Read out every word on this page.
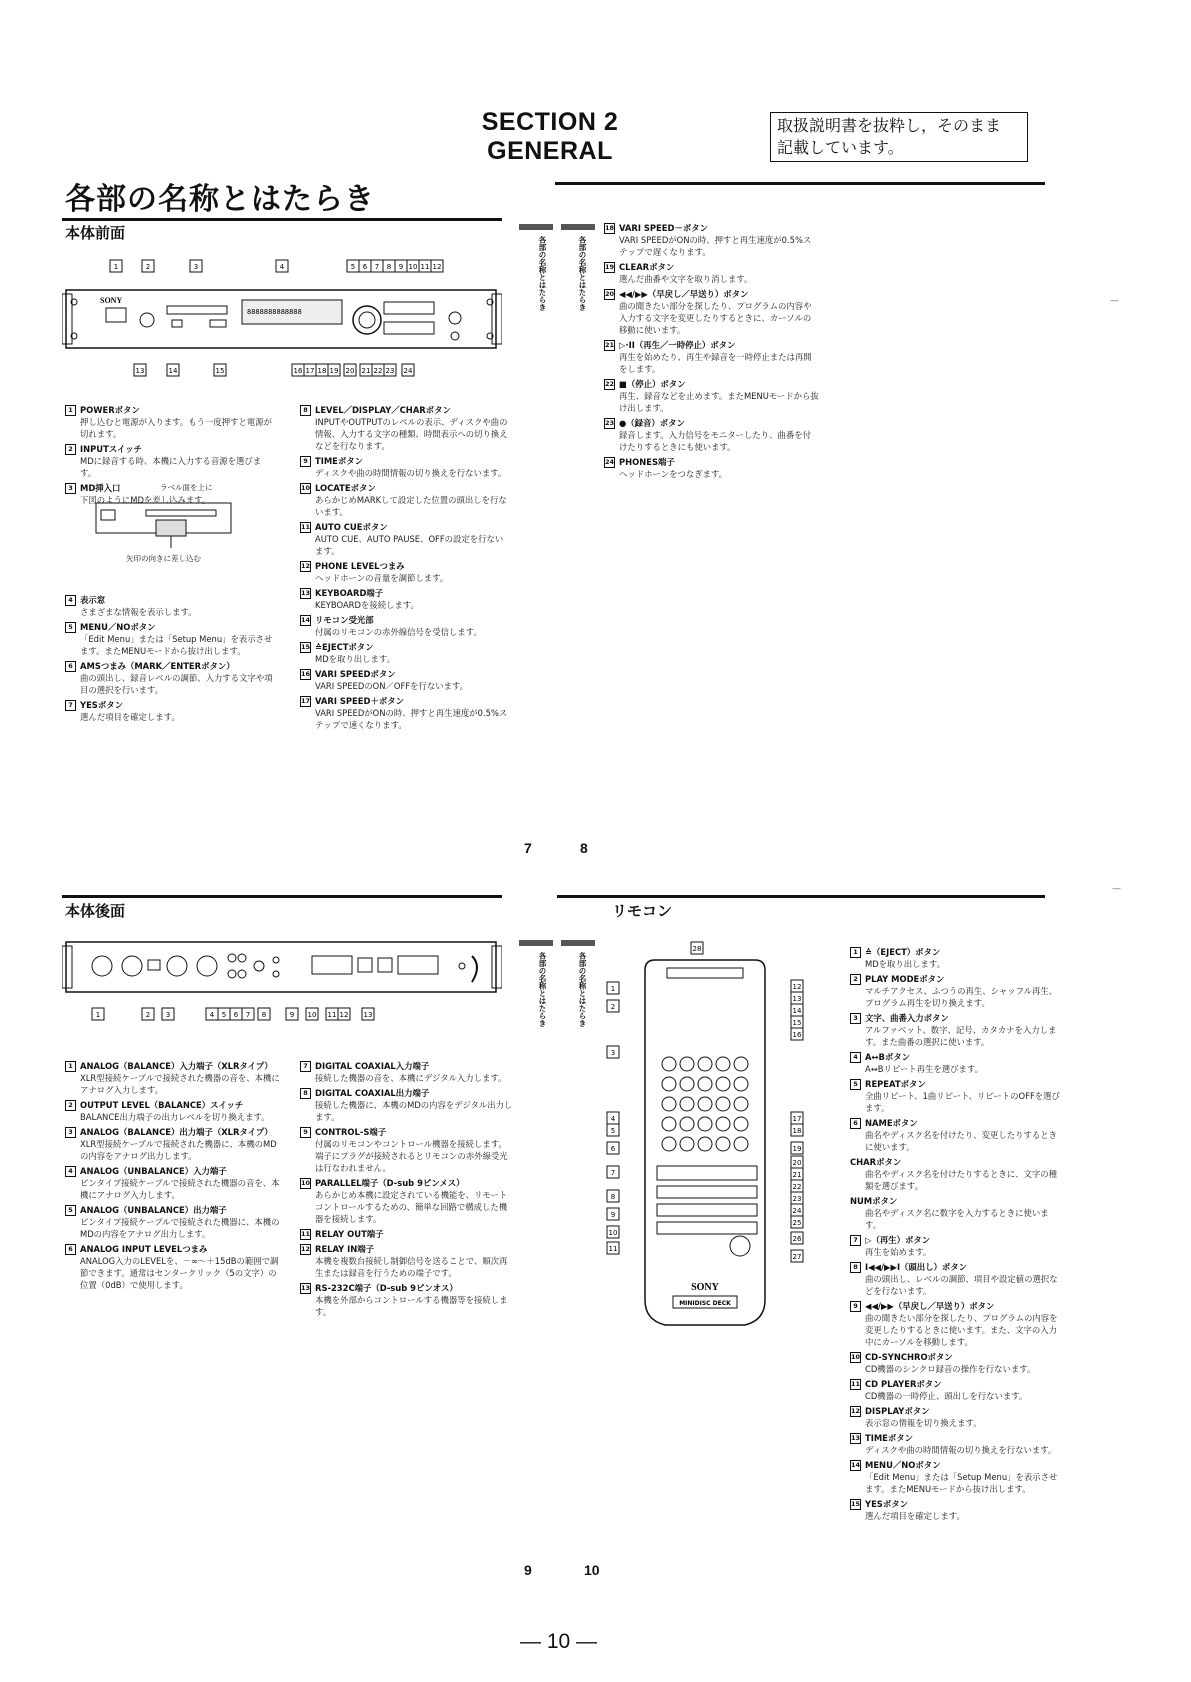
SECTION 2
GENERAL
取扱説明書を抜粋し，そのまま
記載しています。
各部の名称とはたらき
本体前面
1	2	3	4	5 6 7 8 9 10 11 12
SONY
8888888888888
13	14	15	16 17 18 19 20 21 22 23 24
ラベル面を上に
矢印の向きに差し込む
1 POWERボタン
押し込むと電源が入ります。もう一度押すと電源が切れます。
2 INPUTスイッチ
MDに録音する時、本機に入力する音源を選びます。
3 MD挿入口
下図のようにMDを差し込みます。
4 表示窓
さまざまな情報を表示します。
5 MENU／NOボタン
「Edit Menu」または「Setup Menu」を表示させます。またMENUモードから抜け出します。
6 AMSつまみ（MARK／ENTERボタン）
曲の頭出し、録音レベルの調節、入力する文字や項目の選択を行います。
7 YESボタン
選んだ項目を確定します。
8 LEVEL／DISPLAY／CHARボタン
INPUTやOUTPUTのレベルの表示、ディスクや曲の情報、入力する文字の種類、時間表示への切り換えなどを行なります。
9 TIMEボタン
ディスクや曲の時間情報の切り換えを行ないます。
10 LOCATEボタン
あらかじめMARKして設定した位置の頭出しを行ないます。
11 AUTO CUEボタン
AUTO CUE、AUTO PAUSE、OFFの設定を行ないます。
12 PHONE LEVELつまみ
ヘッドホーンの音量を調節します。
13 KEYBOARD端子
KEYBOARDを接続します。
14 リモコン受光部
付属のリモコンの赤外線信号を受信します。
15 ≙EJECTボタン
MDを取り出します。
16 VARI SPEEDボタン
VARI SPEEDのON／OFFを行ないます。
17 VARI SPEED＋ボタン
VARI SPEEDがONの時、押すと再生速度が0.5%ステップで速くなります。
各部の名称とはたらき	各部の名称とはたらき
18 VARI SPEED－ボタン
VARI SPEEDがONの時、押すと再生速度が0.5%ステップで遅くなります。
19 CLEARボタン
選んだ曲番や文字を取り消します。
20 ◀◀/▶▶（早戻し／早送り）ボタン
曲の聞きたい部分を探したり、プログラムの内容や入力する文字を変更したりするときに、カーソルの移動に使います。
21 ▷·II（再生／一時停止）ボタン
再生を始めたり、再生や録音を一時停止または再開をします。
22 ■（停止）ボタン
再生、録音などを止めます。またMENUモードから抜け出します。
23 ●（録音）ボタン
録音します。入力信号をモニターしたり、曲番を付けたりするときにも使います。
24 PHONES端子
ヘッドホーンをつなぎます。
7	8
本体後面
1	2 3	4 5 6 7 8	9 10 11 12 13
1 ANALOG（BALANCE）入力端子（XLRタイプ）
XLR型接続ケーブルで接続された機器の音を、本機にアナログ入力します。
2 OUTPUT LEVEL（BALANCE）スイッチ
BALANCE出力端子の出力レベルを切り換えます。
3 ANALOG（BALANCE）出力端子（XLRタイプ）
XLR型接続ケーブルで接続された機器に、本機のMDの内容をアナログ出力します。
4 ANALOG（UNBALANCE）入力端子
ピンタイプ接続ケーブルで接続された機器の音を、本機にアナログ入力します。
5 ANALOG（UNBALANCE）出力端子
ピンタイプ接続ケーブルで接続された機器に、本機のMDの内容をアナログ出力します。
6 ANALOG INPUT LEVELつまみ
ANALOG入力のLEVELを、－∞～＋15dBの範囲で調節できます。通常はセンタークリック（5の文字）の位置（0dB）で使用します。
7 DIGITAL COAXIAL入力端子
接続した機器の音を、本機にデジタル入力します。
8 DIGITAL COAXIAL出力端子
接続した機器に、本機のMDの内容をデジタル出力します。
9 CONTROL-S端子
付属のリモコンやコントロール機器を接続します。端子にプラグが接続されるとリモコンの赤外線受光は行なわれません。
10 PARALLEL端子（D-sub 9ピンメス）
あらかじめ本機に設定されている機能を、リモートコントロールするための、簡単な回路で構成した機器を接続します。
11 RELAY OUT端子
12 RELAY IN端子
本機を複数台接続し制御信号を送ることで、順次再生または録音を行うための端子です。
13 RS-232C端子（D-sub 9ピンオス）
本機を外部からコントロールする機器等を接続します。
リモコン
各部の名称とはたらき	各部の名称とはたらき
SONY
MINIDISC DECK
1
2
3
4
5
6
7
8
9
10
11
28
12
13
14
15
16
17
18
19
20
21
22
23
24
25
26
27
1 ≙（EJECT）ボタン
MDを取り出します。
2 PLAY MODEボタン
マルチアクセス、ふつうの再生、シャッフル再生、プログラム再生を切り換えます。
3 文字、曲番入力ボタン
アルファベット、数字、記号、カタカナを入力します。また曲番の選択に使います。
4 A↔Bボタン
A↔Bリピート再生を選びます。
5 REPEATボタン
全曲リピート、1曲リピート、リピートのOFFを選びます。
6 NAMEボタン
曲名やディスク名を付けたり、変更したりするときに使います。
CHARボタン
曲名やディスク名を付けたりするときに、文字の種類を選びます。
NUMボタン
曲名やディスク名に数字を入力するときに使います。
7 ▷（再生）ボタン
再生を始めます。
8 I◀◀/▶▶I（頭出し）ボタン
曲の頭出し、レベルの調節、項目や設定値の選択などを行ないます。
9 ◀◀/▶▶（早戻し／早送り）ボタン
曲の聞きたい部分を探したり、プログラムの内容を変更したりするときに使います。また、文字の入力中にカーソルを移動します。
10 CD-SYNCHROボタン
CD機器のシンクロ録音の操作を行ないます。
11 CD PLAYERボタン
CD機器の一時停止、頭出しを行ないます。
12 DISPLAYボタン
表示窓の情報を切り換えます。
13 TIMEボタン
ディスクや曲の時間情報の切り換えを行ないます。
14 MENU／NOボタン
「Edit Menu」または「Setup Menu」を表示させます。またMENUモードから抜け出します。
15 YESボタン
選んだ項目を確定します。
9	10
— 10 —
—
—
